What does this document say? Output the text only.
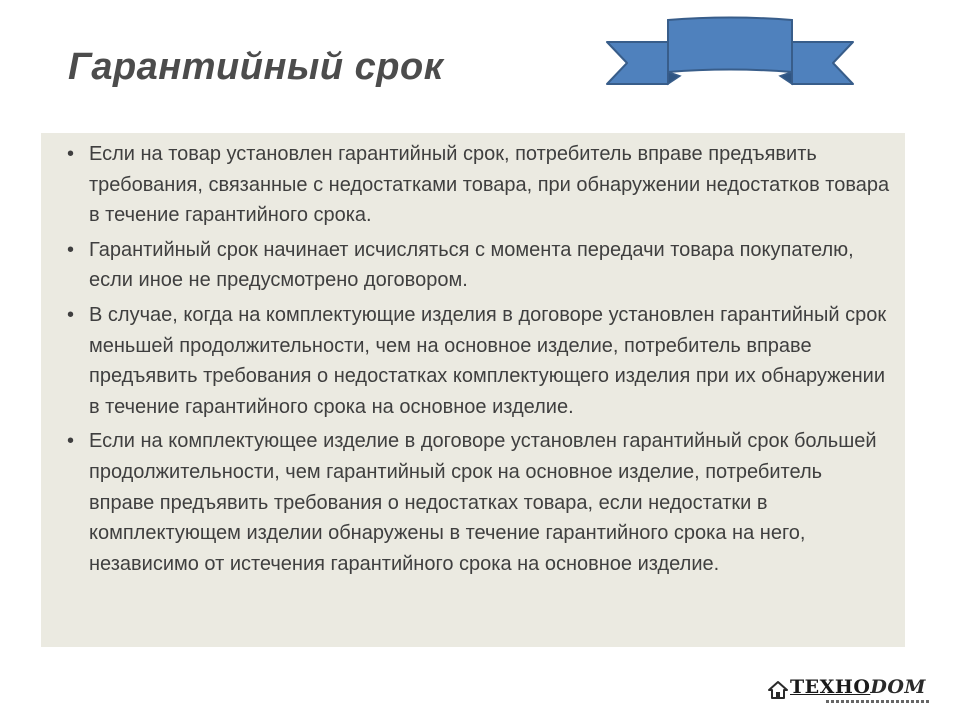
Гарантийный срок
• Если на товар установлен гарантийный срок, потребитель вправе предъявить требования, связанные с недостатками товара, при обнаружении недостатков товара в течение гарантийного срока.
• Гарантийный срок начинает исчисляться с момента передачи товара покупателю, если иное не предусмотрено договором.
• В случае, когда на комплектующие изделия в договоре установлен гарантийный срок меньшей продолжительности, чем на основное изделие, потребитель вправе предъявить требования о недостатках комплектующего изделия при их обнаружении в течение гарантийного срока на основное изделие.
• Если на комплектующее изделие в договоре установлен гарантийный срок большей продолжительности, чем гарантийный срок на основное изделие, потребитель вправе предъявить требования о недостатках товара, если недостатки в комплектующем изделии обнаружены в течение гарантийного срока на него, независимо от истечения гарантийного срока на основное изделие.
ТЕХНОDOM
